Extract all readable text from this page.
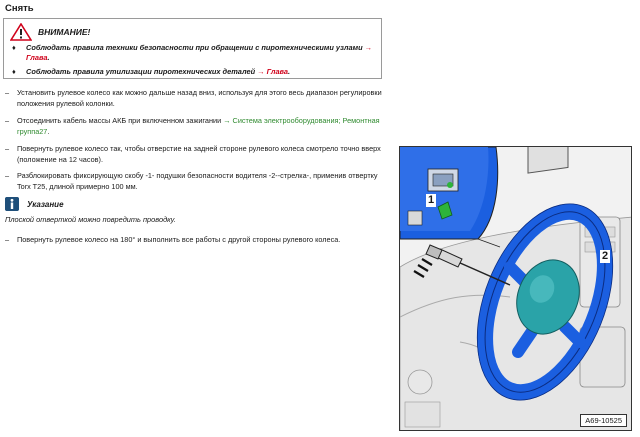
Снять
ВНИМАНИЕ!
♦ Соблюдать правила техники безопасности при обращении с пиротехническими узлами → Глава.
♦ Соблюдать правила утилизации пиротехнических деталей → Глава.
– Установить рулевое колесо как можно дальше назад вниз, используя для этого весь диапазон регулировки положения рулевой колонки.
– Отсоединить кабель массы АКБ при включенном зажигании → Система электрооборудования; Ремонтная группа27.
– Повернуть рулевое колесо так, чтобы отверстие на задней стороне рулевого колеса смотрело точно вверх (положение на 12 часов).
– Разблокировать фиксирующую скобу -1- подушки безопасности водителя -2--стрелка-, применив отвертку Torx T25, длиной примерно 100 мм.
Указание
Плоской отверткой можно повредить проводку.
– Повернуть рулевое колесо на 180° и выполнить все работы с другой стороны рулевого колеса.
1
2
A69-10525
